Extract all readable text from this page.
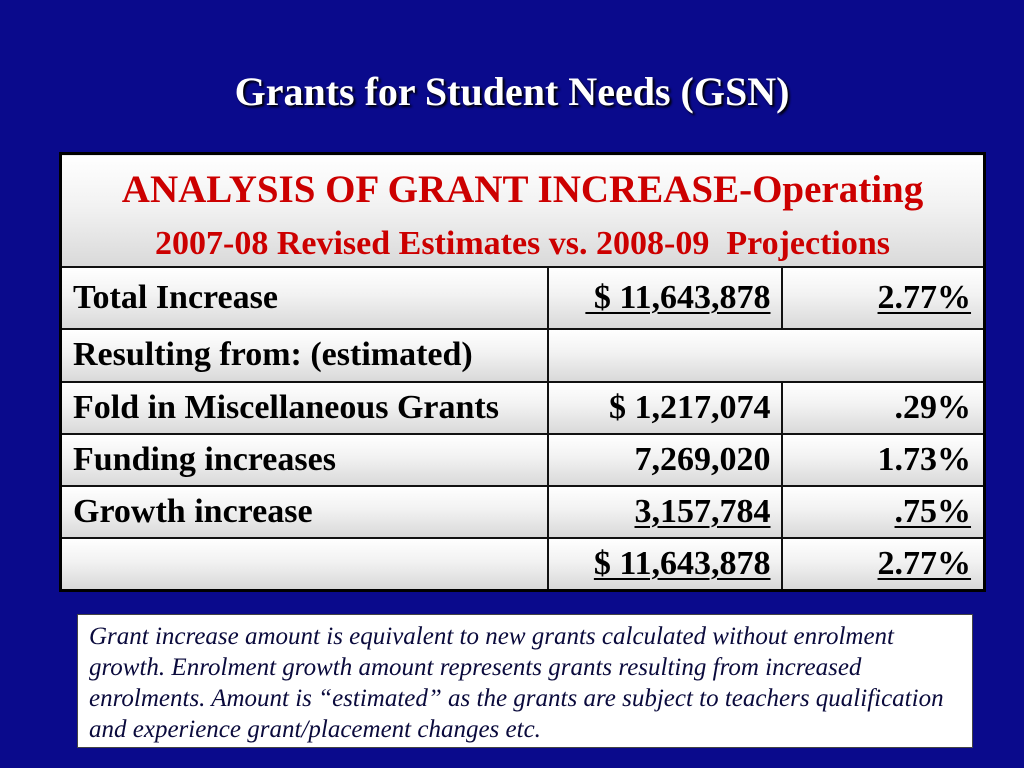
Grants for Student Needs (GSN)
ANALYSIS OF GRANT INCREASE-Operating
2007-08 Revised Estimates vs. 2008-09  Projections		

Total Increase	$ 11,643,878	2.77%
Resulting from: (estimated)		
Fold in Miscellaneous Grants	$ 1,217,074	.29%
Funding increases	7,269,020	1.73%
Growth increase	3,157,784	.75%
	$ 11,643,878	2.77%
Grant increase amount is equivalent to new grants calculated without enrolment
growth. Enrolment growth amount represents grants resulting from increased
enrolments. Amount is “estimated” as the grants are subject to teachers qualification
and experience grant/placement changes etc.
